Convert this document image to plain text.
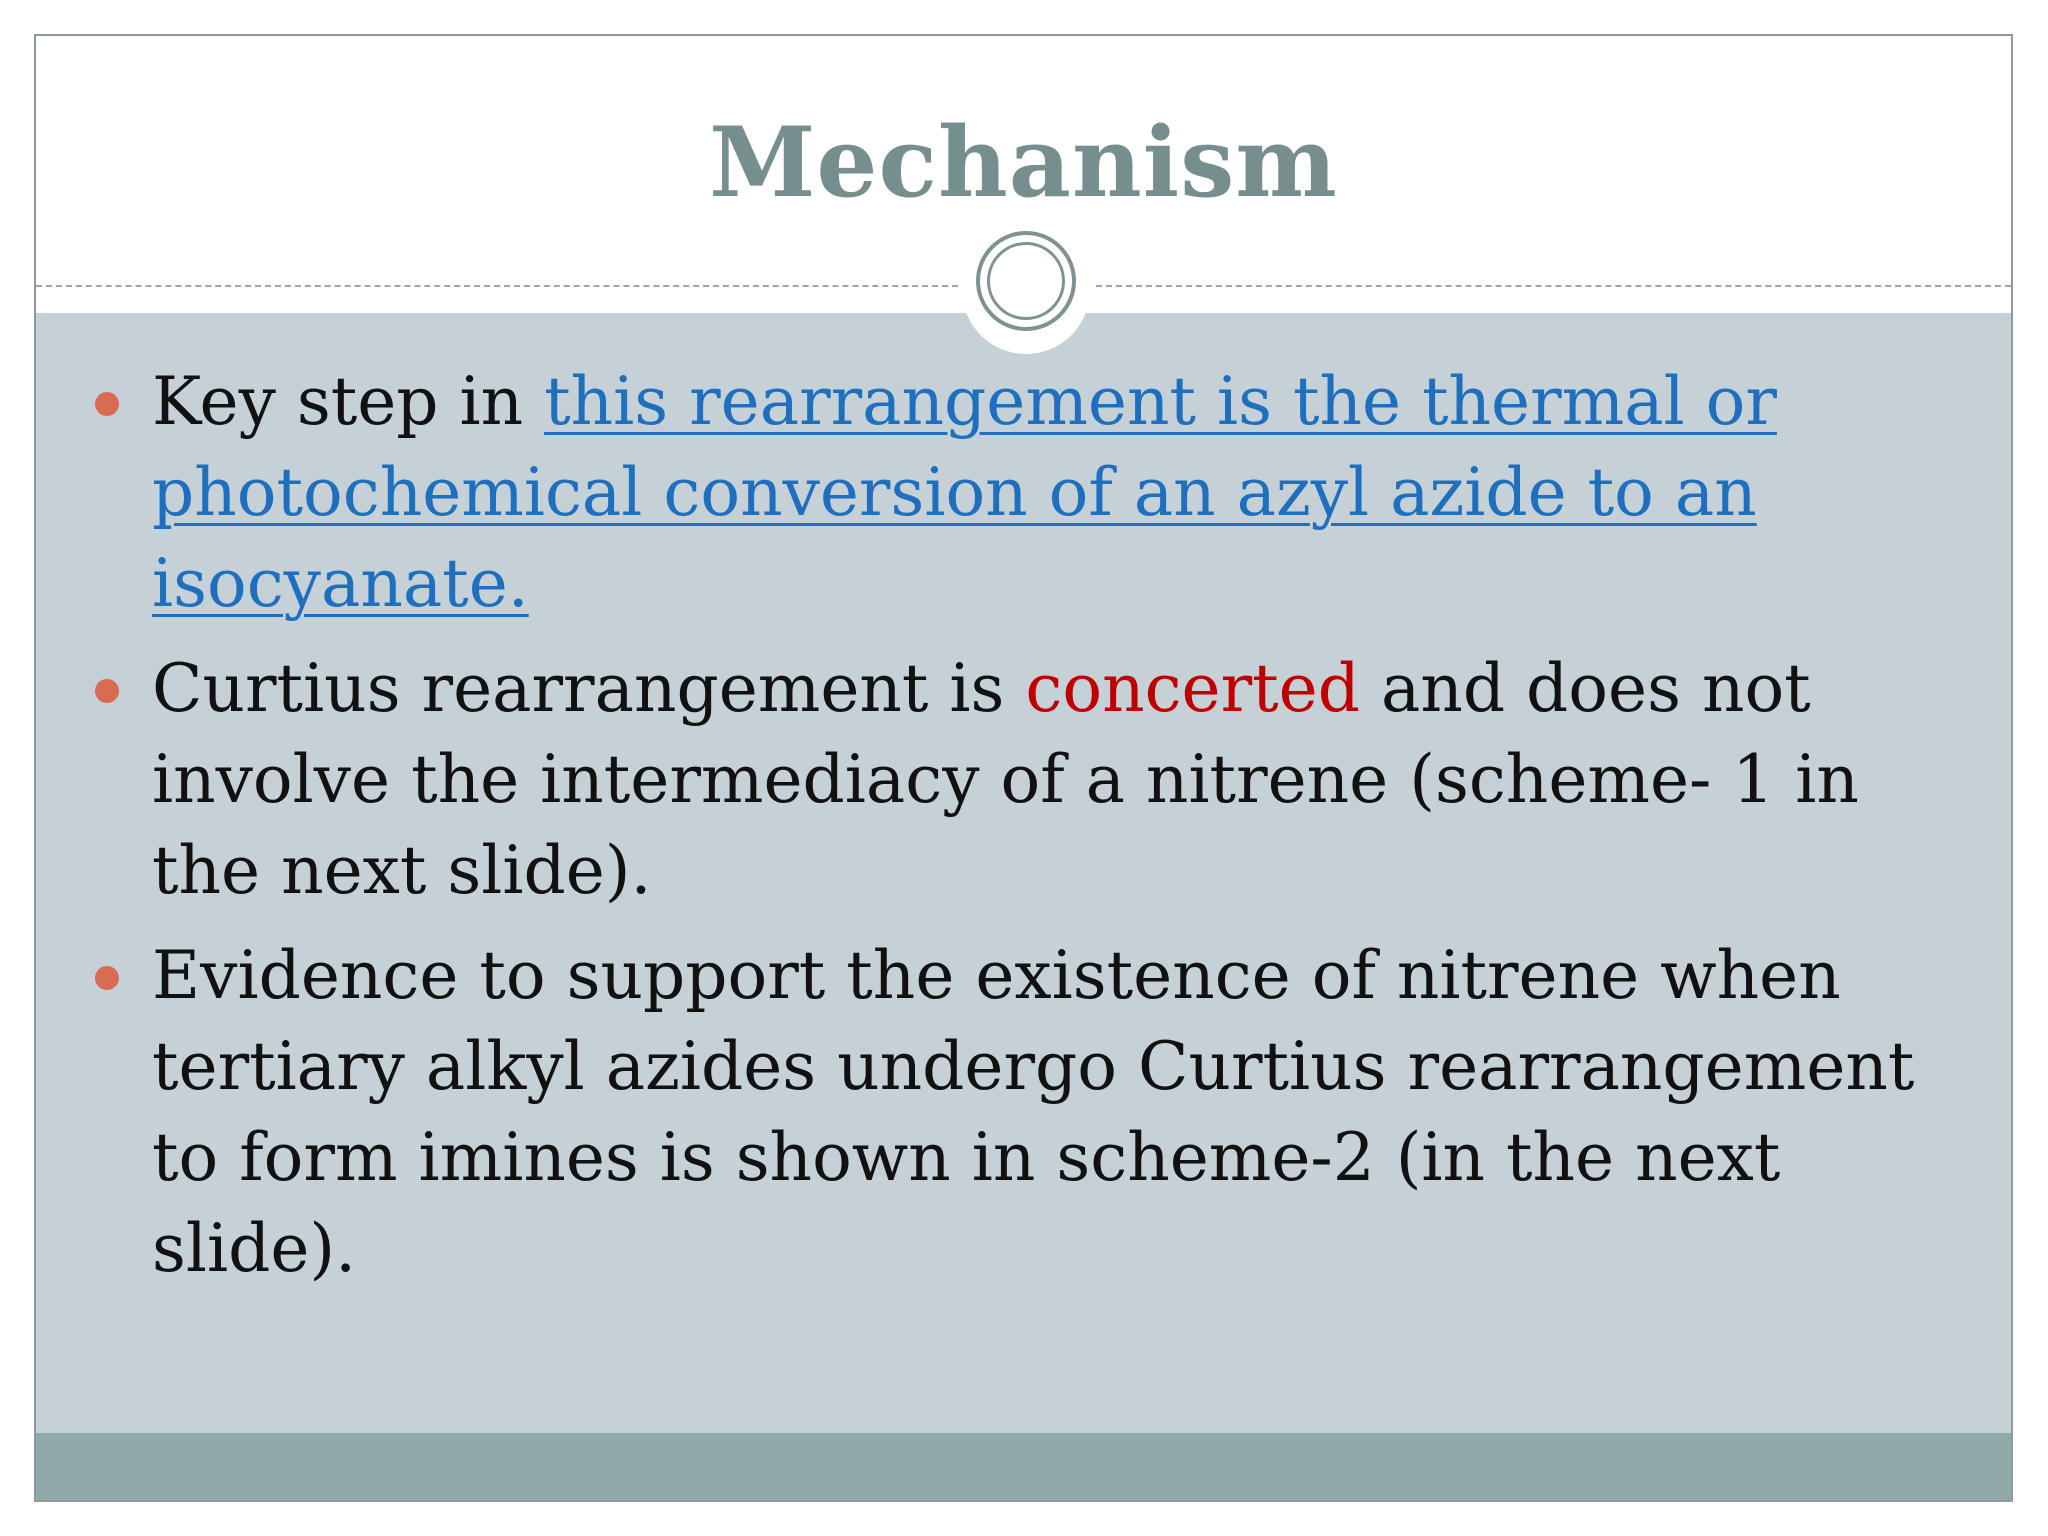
Mechanism
Key step in this rearrangement is the thermal or photochemical conversion of an azyl azide to an isocyanate.
Curtius rearrangement is concerted and does not involve the intermediacy of a nitrene (scheme- 1 in the next slide).
Evidence to support the existence of nitrene when tertiary alkyl azides undergo Curtius rearrangement to form imines is shown in scheme-2 (in the next slide).
